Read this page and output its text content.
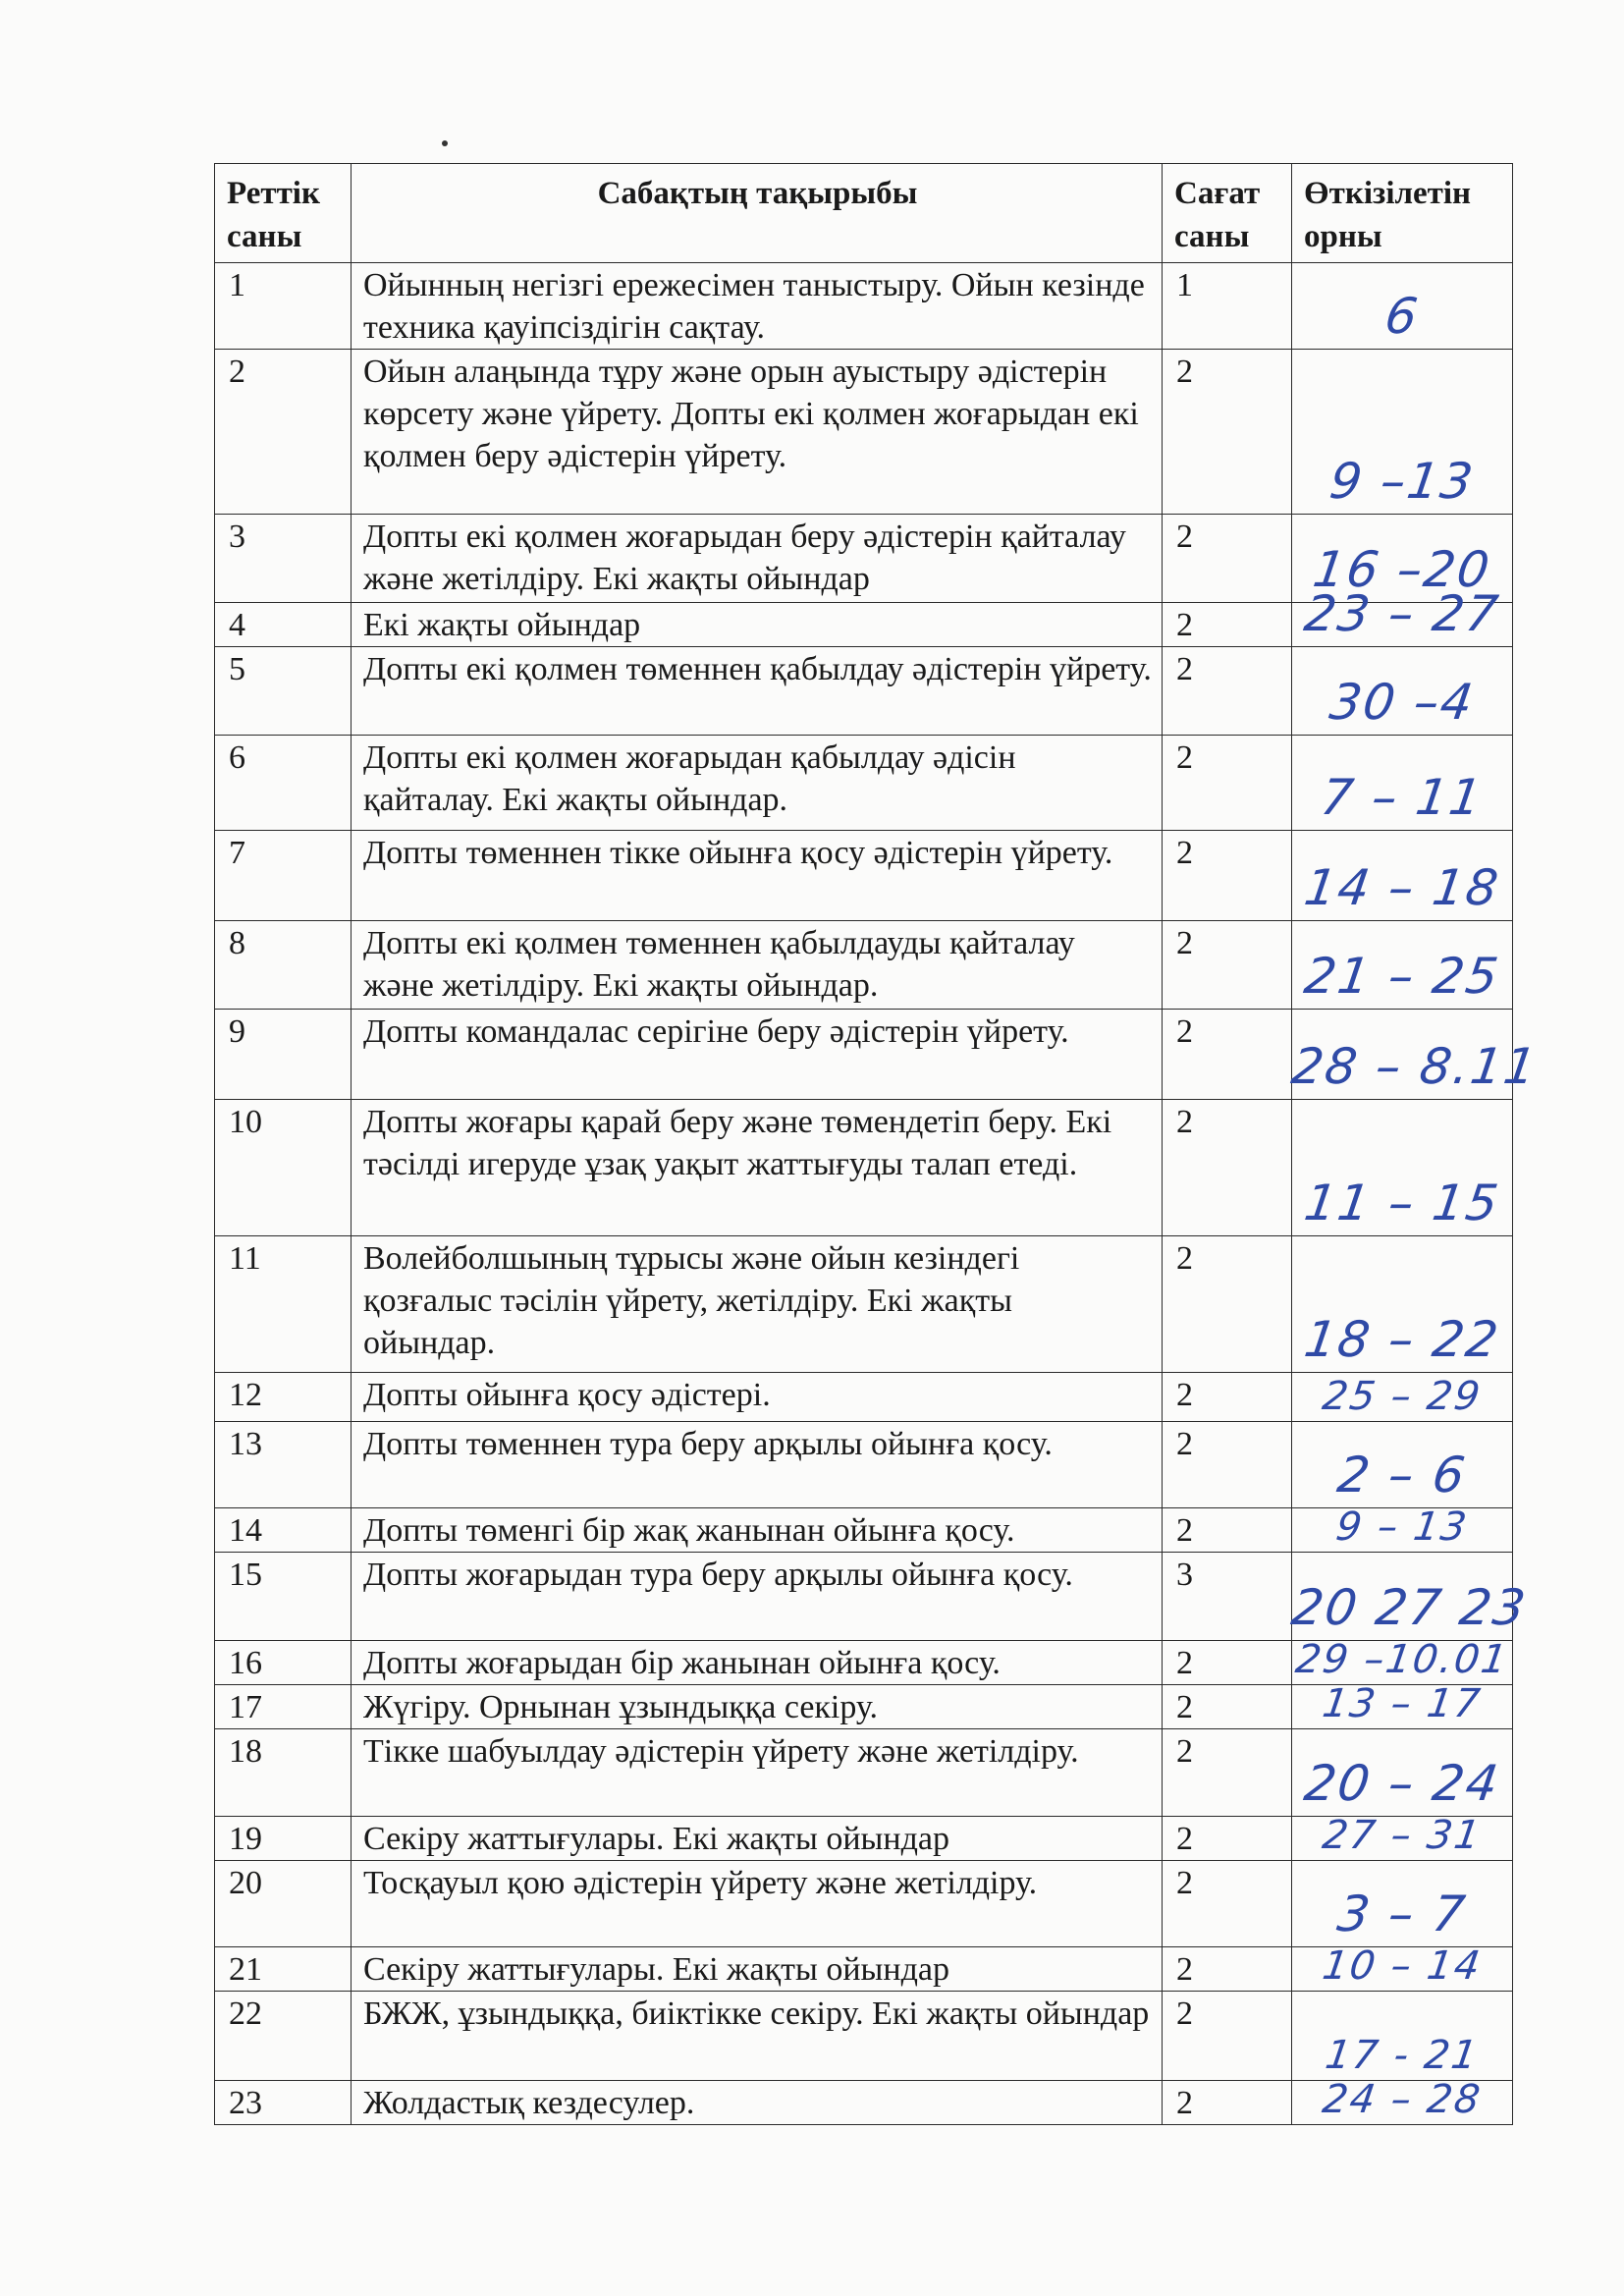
Реттік саны	Сабақтың тақырыбы	Сағат саны	Өткізілетін орны
1	Ойынның негізгі ережесімен таныстыру. Ойын кезінде техника қауіпсіздігін сақтау.	1	6

2	Ойын алаңында тұру және орын ауыстыру әдістерін көрсету және үйрету. Допты екі қолмен жоғарыдан екі қолмен беру әдістерін үйрету.	2	9 –13

3	Допты екі қолмен жоғарыдан беру әдістерін қайталау және жетілдіру. Екі жақты ойындар	2	16 –20

4	Екі жақты ойындар	2	23 – 27

5	Допты екі қолмен төменнен қабылдау әдістерін үйрету.	2	30 –4

6	Допты екі қолмен жоғарыдан қабылдау әдісін қайталау. Екі жақты ойындар.	2	7 – 11

7	Допты төменнен тікке ойынға қосу әдістерін үйрету.	2	14 – 18

8	Допты екі қолмен төменнен қабылдауды қайталау және жетілдіру. Екі жақты ойындар.	2	21 – 25

9	Допты командалас серігіне беру әдістерін үйрету.	2	28 – 8.11

10	Допты жоғары қарай беру және төмендетіп беру. Екі тәсілді игеруде ұзақ уақыт жаттығуды талап етеді.	2	11 – 15

11	Волейболшының тұрысы және ойын кезіндегі қозғалыс тәсілін үйрету, жетілдіру. Екі жақты ойындар.	2	18 – 22

12	Допты ойынға қосу әдістері.	2	25 – 29

13	Допты төменнен тура беру арқылы ойынға қосу.	2	2 – 6

14	Допты төменгі бір жақ жанынан ойынға қосу.	2	9 – 13

15	Допты жоғарыдан тура беру арқылы ойынға қосу.	3	20 27 23

16	Допты жоғарыдан бір жанынан ойынға қосу.	2	29 –10.01

17	Жүгіру. Орнынан ұзындыққа секіру.	2	13 – 17

18	Тікке шабуылдау әдістерін үйрету және жетілдіру.	2	20 – 24

19	Секіру жаттығулары. Екі жақты ойындар	2	27 – 31

20	Тосқауыл қою әдістерін үйрету және жетілдіру.	2	3 – 7

21	Секіру жаттығулары. Екі жақты ойындар	2	10 – 14

22	БЖЖ, ұзындыққа, биіктікке секіру. Екі жақты ойындар	2	17 - 21

23	Жолдастық кездесулер.	2	24 – 28
